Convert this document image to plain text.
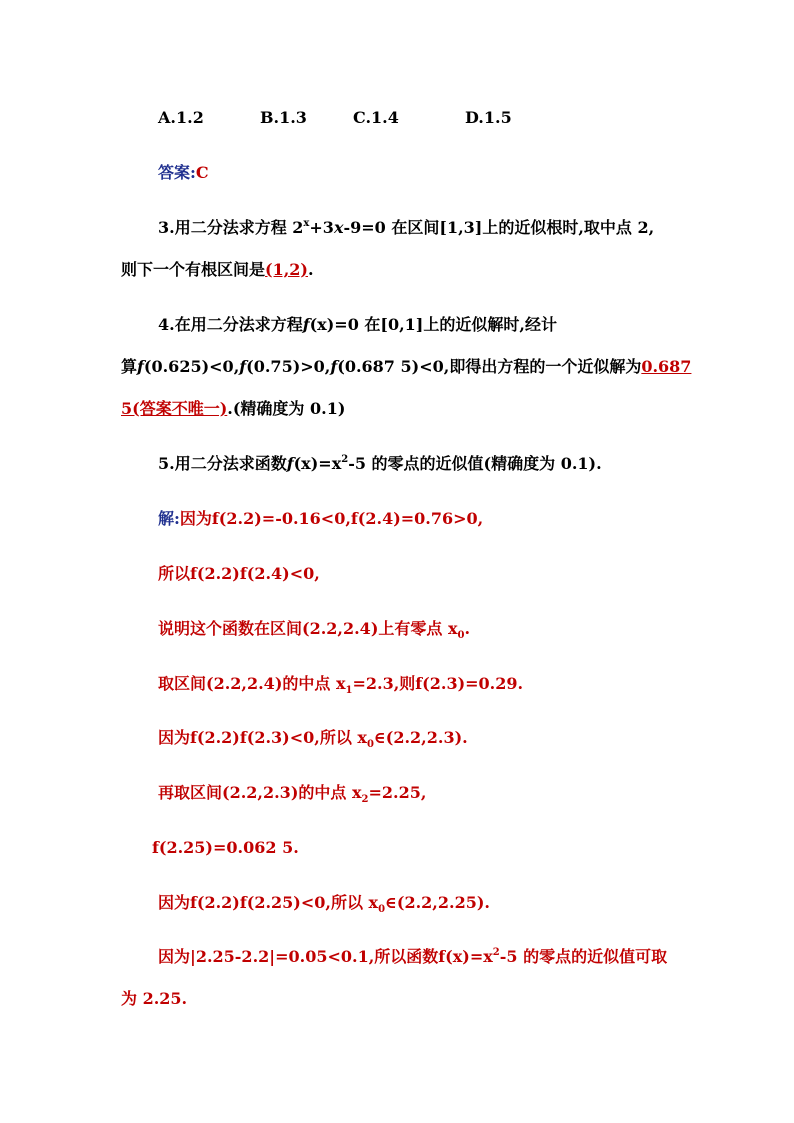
A.1.2	B.1.3	C.1.4	D.1.5
答案:C
3.用二分法求方程 $2^x+3x-9=0$ 在区间[1,3]上的近似根时,取中点 2,
则下一个有根区间是(1,2).
4.在用二分法求方程f(x)=0 在[0,1]上的近似解时,经计
算f(0.625)<0,f(0.75)>0,f(0.687 5)<0,即得出方程的一个近似解为0.687
5(答案不唯一).(精确度为 0.1)
5.用二分法求函数$f(x)=x^2-5$ 的零点的近似值(精确度为 0.1).
解:因为f(2.2)=-0.16<0,f(2.4)=0.76>0,
所以f(2.2)f(2.4)<0,
说明这个函数在区间(2.2,2.4)上有零点 $x_0$.
取区间(2.2,2.4)的中点 $x_1=2.3$,则f(2.3)=0.29.
因为f(2.2)f(2.3)<0,所以 $x_0\in(2.2,2.3)$.
再取区间(2.2,2.3)的中点 $x_2=2.25$,
f(2.25)=0.062 5.
因为f(2.2)f(2.25)<0,所以 $x_0\in(2.2,2.25)$.
因为|2.25-2.2|=0.05<0.1,所以函数$f(x)=x^2-5$ 的零点的近似值可取
为 2.25.
